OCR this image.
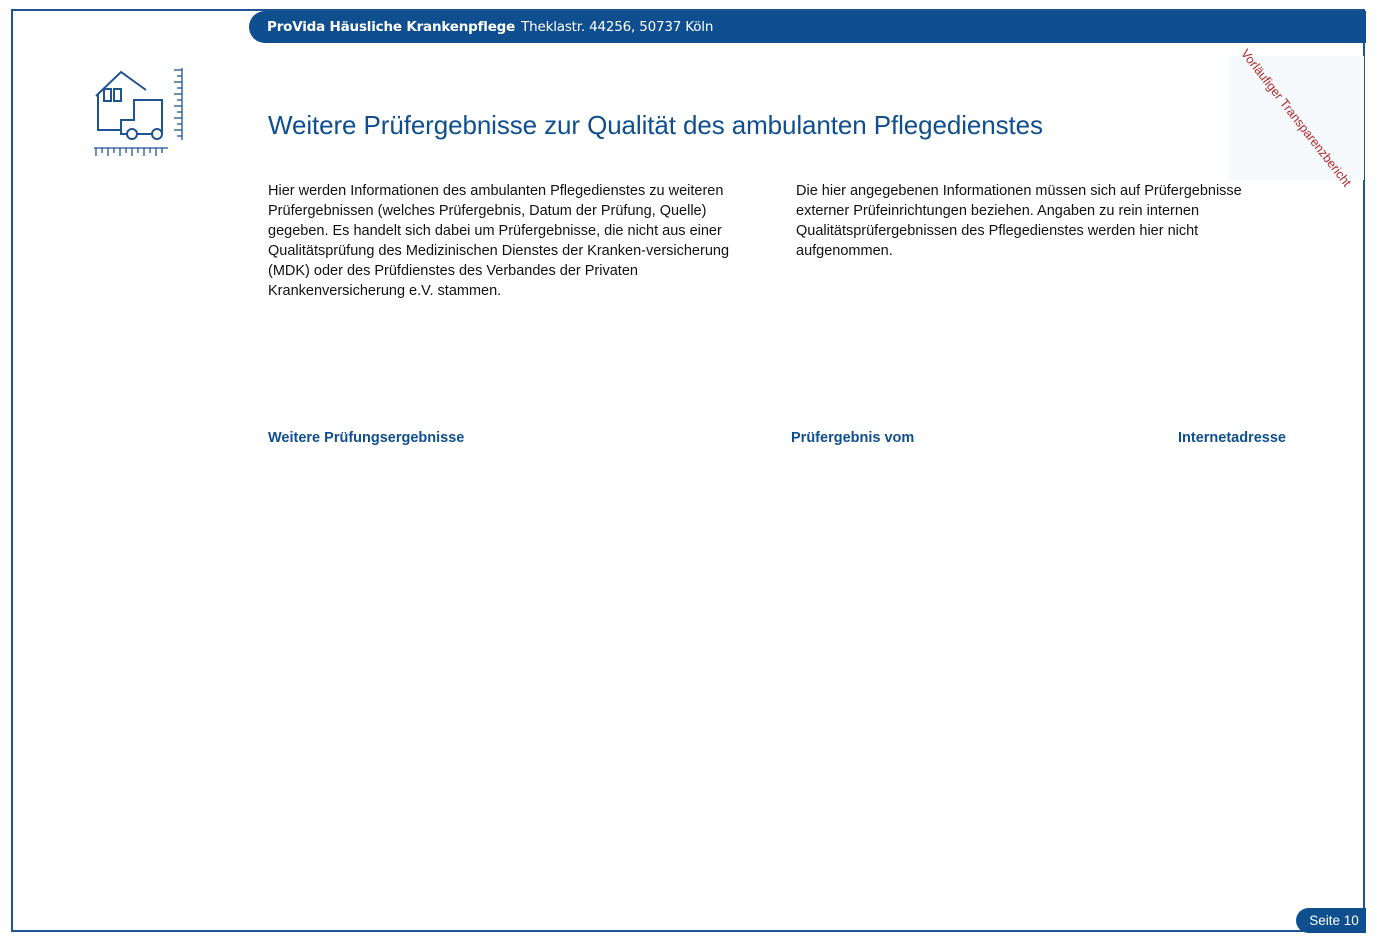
ProVida Häusliche Krankenpflege Theklastr. 44256, 50737 Köln
Vorläufiger Transparenzbericht
Weitere Prüfergebnisse zur Qualität des ambulanten Pflegedienstes

Hier werden Informationen des ambulanten Pflegedienstes zu weiteren Prüfergebnissen (welches Prüfergebnis, Datum der Prüfung, Quelle) gegeben. Es handelt sich dabei um Prüfergebnisse, die nicht aus einer Qualitätsprüfung des Medizinischen Dienstes der Kranken-versicherung (MDK) oder des Prüfdienstes des Verbandes der Privaten Krankenversicherung e.V. stammen.

Die hier angegebenen Informationen müssen sich auf Prüfergebnisse externer Prüfeinrichtungen beziehen. Angaben zu rein internen Qualitätsprüfergebnissen des Pflegedienstes werden hier nicht aufgenommen.

Weitere Prüfungsergebnisse	Prüfergebnis vom	Internetadresse
Seite 10
